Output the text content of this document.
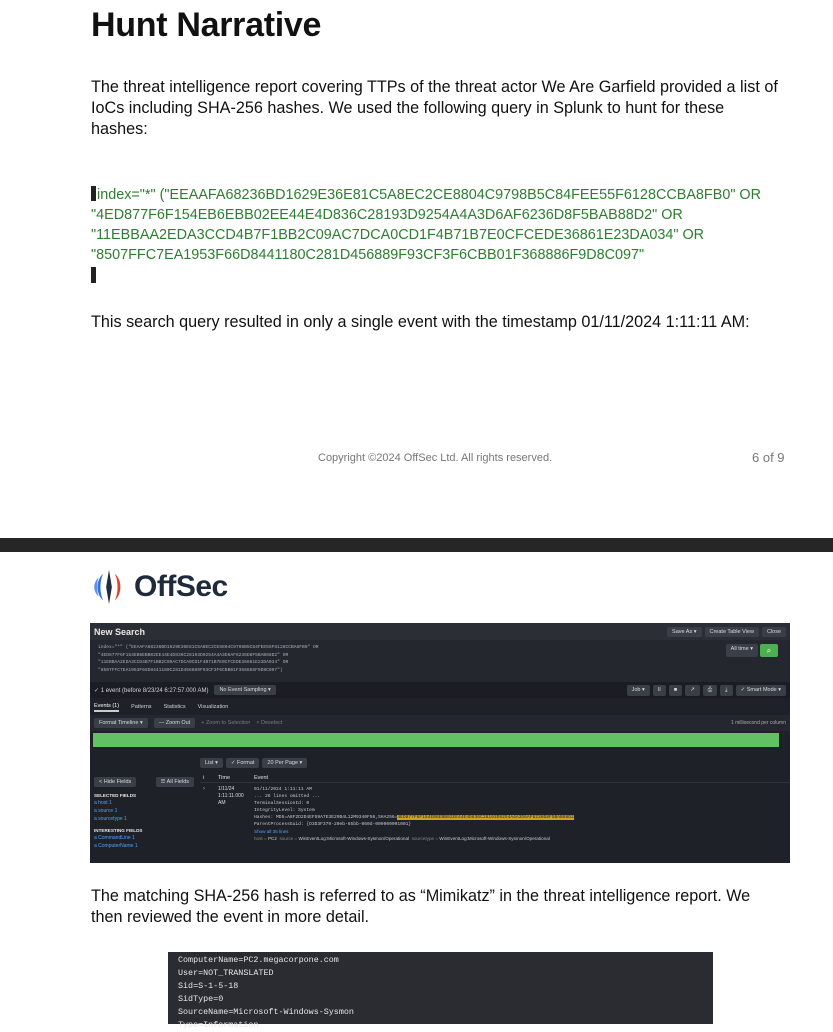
Hunt Narrative
The threat intelligence report covering TTPs of the threat actor We Are Garfield provided a list of IoCs including SHA-256 hashes. We used the following query in Splunk to hunt for these hashes:
index="*" ("EEAAFA68236BD1629E36E81C5A8EC2CE8804C9798B5C84FEE55F6128CCBA8FB0" OR
"4ED877F6F154EB6EBB02EE44E4D836C28193D9254A4A3D6AF6236D8F5BAB88D2" OR
"11EBBAA2EDA3CCD4B7F1BB2C09AC7DCA0CD1F4B71B7E0CFCEDE36861E23DA034" OR
"8507FFC7EA1953F66D8441180C281D456889F93CF3F6CBB01F368886F9D8C097"
This search query resulted in only a single event with the timestamp 01/11/2024 1:11:11 AM:
Copyright ©2024 OffSec Ltd. All rights reserved.	6 of 9
OffSec
New Search	Save As ▾	Create Table View	Close
index="*" ("EEAAFA68236BD1629E36E81C5A8EC2CE8804C9798B5C84FEE55F6128CCBA8FB0" OR
"4ED877F6F154EB6EBB02EE44E4D836C28193D9254A4A3D6AF6236D8F5BAB88D2" OR
"11EBBAA2EDA3CCD4B7F1BB2C09AC7DCA0CD1F4B71B7E0CFCEDE36861E23DA034" OR
"8507FFC7EA1953F66D8441180C281D456889F93CF3F6CBB01F368886F9D8C097")
All time ▾	⌕
✓ 1 event (before 8/23/24 6:27:57.000 AM)	No Event Sampling ▾	Job ▾	II	■	↗	⎙	⤓	✓ Smart Mode ▾
Events (1) Patterns Statistics Visualization
Format Timeline ▾	— Zoom Out	+ Zoom to Selection × Deselect	1 millisecond per column
List ▾	✓ Format	20 Per Page ▾
< Hide Fields	☰ All Fields
SELECTED FIELDS
a host 1
a source 1
a sourcetype 1
INTERESTING FIELDS
a CommandLine 1
a ComputerName 1
i	Time	Event
›	1/11/24
1:11:11.000 AM
01/11/2024 1:11:11 AM
... 26 lines omitted ...
TerminalSessionId: 0
IntegrityLevel: System
Hashes: MD5=A8F2D2D4EF59A7E3E29B4L12M9340F56,SHA256=4ED877F6F154EB6EBB02EE44E4D836C28193D9254A4A3D6AF6236D8F5BAB88D2
ParentProcessGuid: {D3D3F379-20eb-65bb-060d-000000001001}
Show all 35 lines
host = PC2 source = WinEventLog:Microsoft-Windows-Sysmon/Operational sourcetype = WinEventLog:Microsoft-Windows-Sysmon/Operational
The matching SHA-256 hash is referred to as “Mimikatz” in the threat intelligence report. We then reviewed the event in more detail.
ComputerName=PC2.megacorpone.com
User=NOT_TRANSLATED
Sid=S-1-5-18
SidType=0
SourceName=Microsoft-Windows-Sysmon
Type=Information
